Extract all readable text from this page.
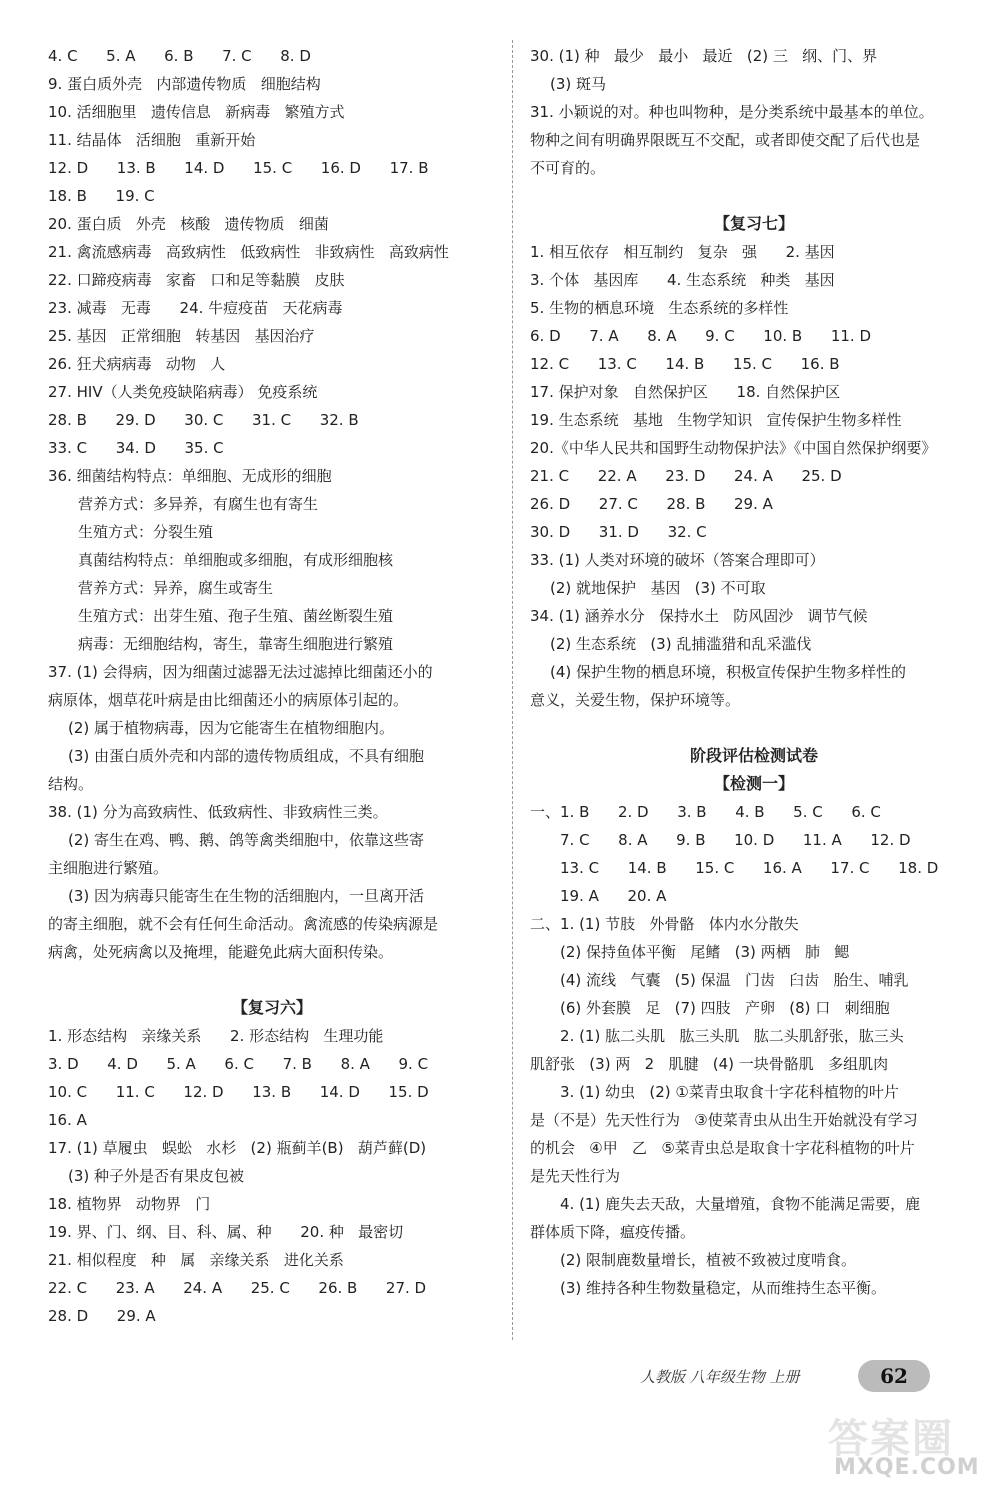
4. C      5. A      6. B      7. C      8. D
9. 蛋白质外壳   内部遗传物质   细胞结构
10. 活细胞里   遗传信息   新病毒   繁殖方式
11. 结晶体   活细胞   重新开始
12. D      13. B      14. D      15. C      16. D      17. B
18. B      19. C
20. 蛋白质   外壳   核酸   遗传物质   细菌
21. 禽流感病毒   高致病性   低致病性   非致病性   高致病性
22. 口蹄疫病毒   家畜   口和足等黏膜   皮肤
23. 减毒   无毒      24. 牛痘疫苗   天花病毒
25. 基因   正常细胞   转基因   基因治疗
26. 狂犬病病毒   动物   人
27. HIV（人类免疫缺陷病毒） 免疫系统
28. B      29. D      30. C      31. C      32. B
33. C      34. D      35. C
36. 细菌结构特点：单细胞、无成形的细胞
营养方式：多异养，有腐生也有寄生
生殖方式：分裂生殖
真菌结构特点：单细胞或多细胞，有成形细胞核
营养方式：异养，腐生或寄生
生殖方式：出芽生殖、孢子生殖、菌丝断裂生殖
病毒：无细胞结构，寄生，靠寄生细胞进行繁殖
37. (1) 会得病，因为细菌过滤器无法过滤掉比细菌还小的
病原体，烟草花叶病是由比细菌还小的病原体引起的。
(2) 属于植物病毒，因为它能寄生在植物细胞内。
(3) 由蛋白质外壳和内部的遗传物质组成，不具有细胞
结构。
38. (1) 分为高致病性、低致病性、非致病性三类。
(2) 寄生在鸡、鸭、鹅、鸽等禽类细胞中，依靠这些寄
主细胞进行繁殖。
(3) 因为病毒只能寄生在生物的活细胞内，一旦离开活
的寄主细胞，就不会有任何生命活动。禽流感的传染病源是
病禽，处死病禽以及掩埋，能避免此病大面积传染。
【复习六】
1. 形态结构   亲缘关系      2. 形态结构   生理功能
3. D      4. D      5. A      6. C      7. B      8. A      9. C
10. C      11. C      12. D      13. B      14. D      15. D
16. A
17. (1) 草履虫   蜈蚣   水杉   (2) 瓶蓟羊(B)   葫芦藓(D)
(3) 种子外是否有果皮包被
18. 植物界   动物界   门
19. 界、门、纲、目、科、属、种      20. 种   最密切
21. 相似程度   种   属   亲缘关系   进化关系
22. C      23. A      24. A      25. C      26. B      27. D
28. D      29. A
30. (1) 种   最少   最小   最近   (2) 三   纲、门、界
(3) 斑马
31. 小颖说的对。种也叫物种，是分类系统中最基本的单位。
物种之间有明确界限既互不交配，或者即使交配了后代也是
不可育的。
【复习七】
1. 相互依存   相互制约   复杂   强      2. 基因
3. 个体   基因库      4. 生态系统   种类   基因
5. 生物的栖息环境   生态系统的多样性
6. D      7. A      8. A      9. C      10. B      11. D
12. C      13. C      14. B      15. C      16. B
17. 保护对象   自然保护区      18. 自然保护区
19. 生态系统   基地   生物学知识   宣传保护生物多样性
20.《中华人民共和国野生动物保护法》《中国自然保护纲要》
21. C      22. A      23. D      24. A      25. D
26. D      27. C      28. B      29. A
30. D      31. D      32. C
33. (1) 人类对环境的破坏（答案合理即可）
(2) 就地保护   基因   (3) 不可取
34. (1) 涵养水分   保持水土   防风固沙   调节气候
(2) 生态系统   (3) 乱捕滥猎和乱采滥伐
(4) 保护生物的栖息环境，积极宣传保护生物多样性的
意义，关爱生物，保护环境等。
阶段评估检测试卷
【检测一】
一、1. B      2. D      3. B      4. B      5. C      6. C
7. C      8. A      9. B      10. D      11. A      12. D
13. C      14. B      15. C      16. A      17. C      18. D
19. A      20. A
二、1. (1) 节肢   外骨骼   体内水分散失
(2) 保持鱼体平衡   尾鳍   (3) 两栖   肺   鳃
(4) 流线   气囊   (5) 保温   门齿   臼齿   胎生、哺乳
(6) 外套膜   足   (7) 四肢   产卵   (8) 口   刺细胞
2. (1) 肱二头肌   肱三头肌   肱二头肌舒张，肱三头
肌舒张   (3) 两   2   肌腱   (4) 一块骨骼肌   多组肌肉
3. (1) 幼虫   (2) ①菜青虫取食十字花科植物的叶片
是（不是）先天性行为   ③使菜青虫从出生开始就没有学习
的机会   ④甲   乙   ⑤菜青虫总是取食十字花科植物的叶片
是先天性行为
4. (1) 鹿失去天敌，大量增殖，食物不能满足需要，鹿
群体质下降，瘟疫传播。
(2) 限制鹿数量增长，植被不致被过度啃食。
(3) 维持各种生物数量稳定，从而维持生态平衡。
人教版 八年级生物 上册	62
答案圈
MXQE.COM
